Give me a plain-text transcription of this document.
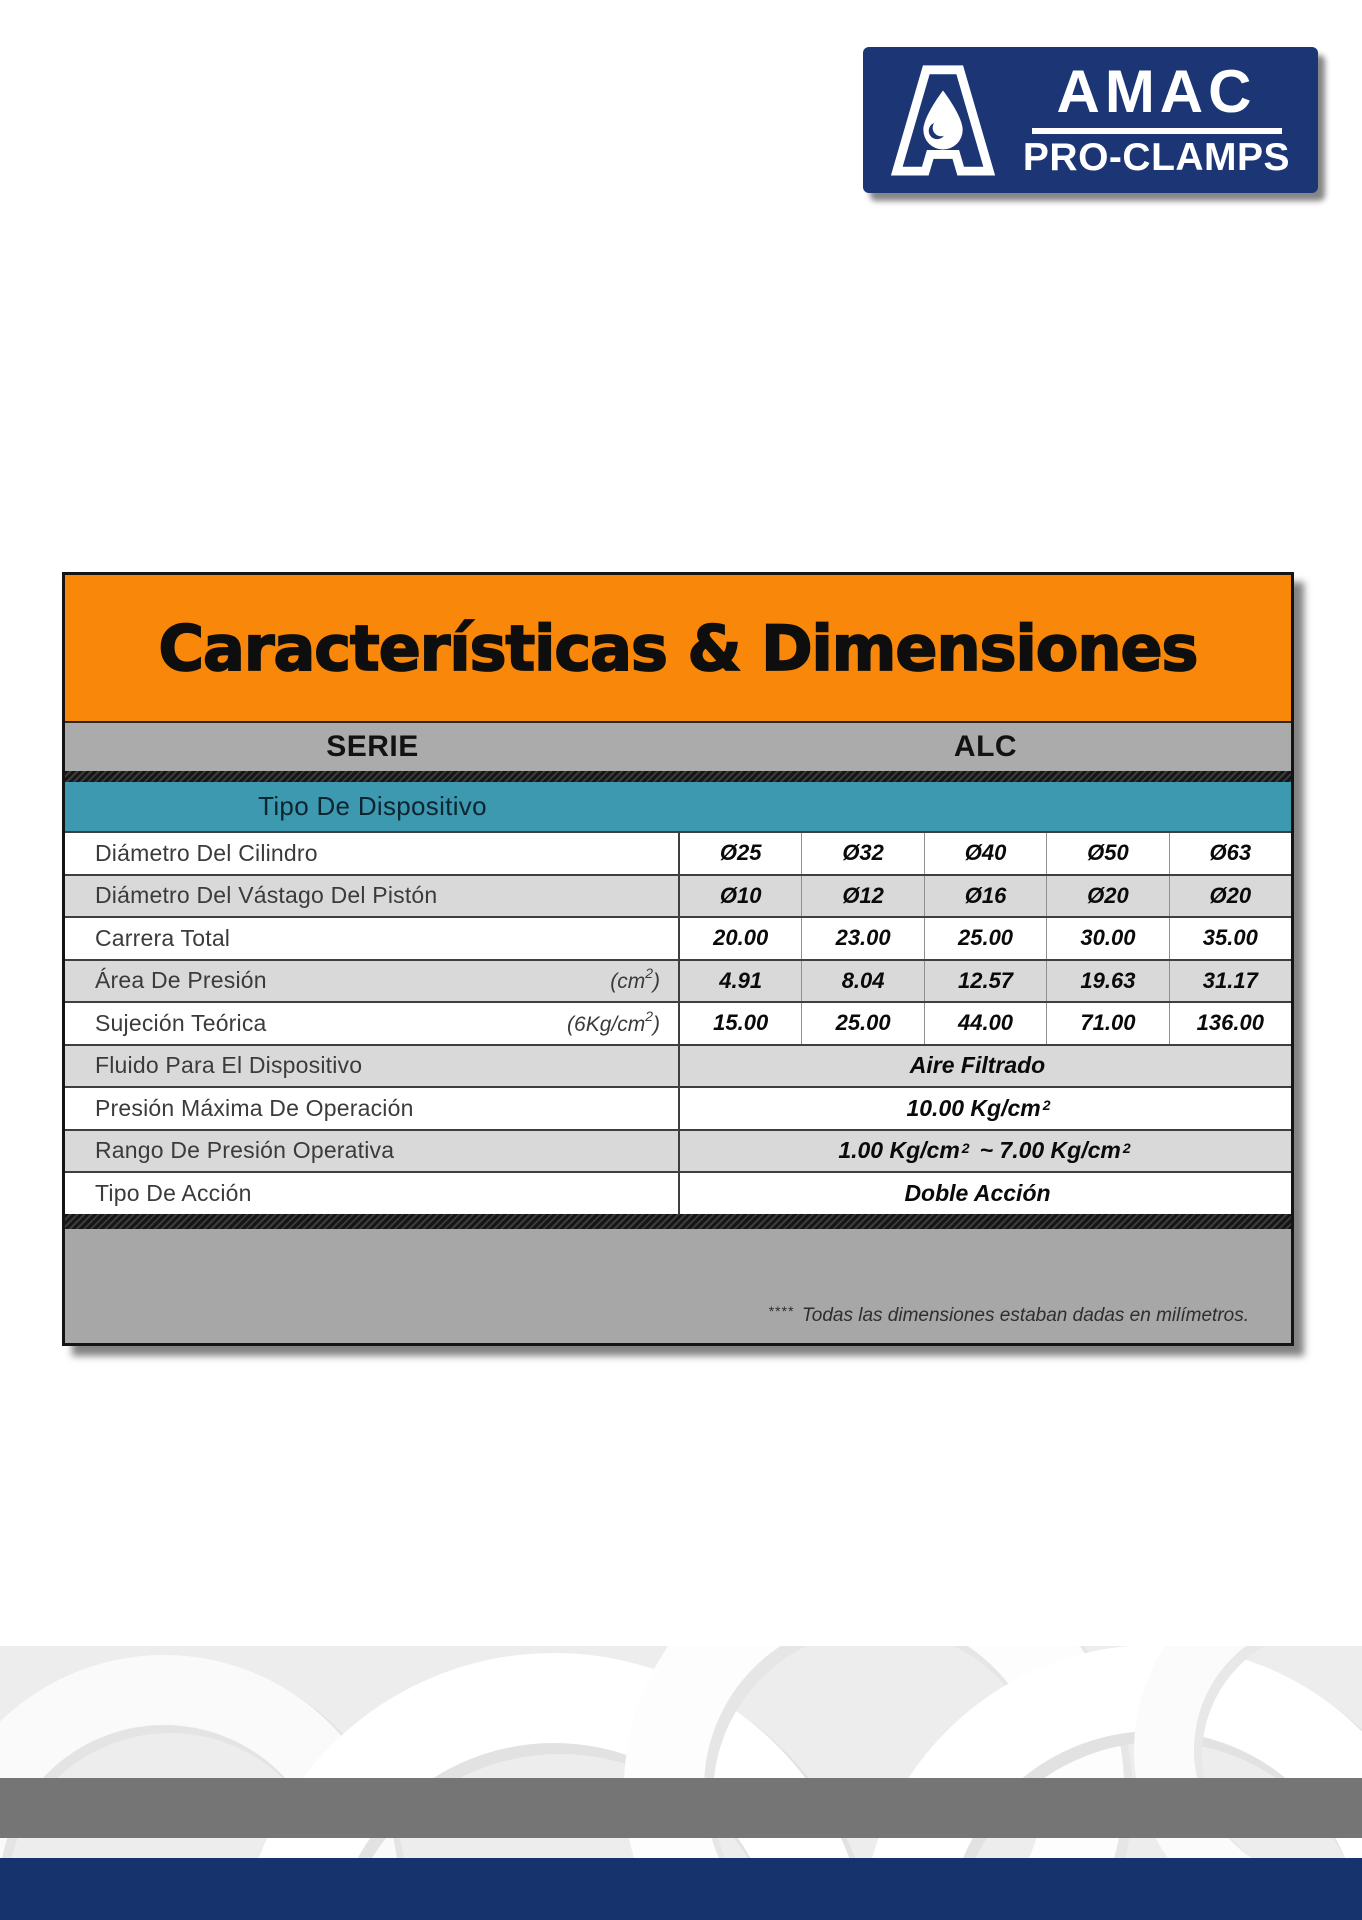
AMAC
PRO-CLAMPS
Características & Dimensiones
SERIE	ALC
Tipo De Dispositivo
Diámetro Del Cilindro	Ø25	Ø32	Ø40	Ø50	Ø63
Diámetro Del Vástago Del Pistón	Ø10	Ø12	Ø16	Ø20	Ø20
Carrera Total	20.00	23.00	25.00	30.00	35.00
Área De Presión	$(cm^2)$	4.91	8.04	12.57	19.63	31.17
Sujeción Teórica	$(6Kg/cm^2)$	15.00	25.00	44.00	71.00	136.00
Fluido Para El Dispositivo	Aire Filtrado
Presión Máxima De Operación	10.00 $Kg/cm^2$
Rango De Presión Operativa	1.00 $Kg/cm^2$ ~ 7.00 $Kg/cm^2$
Tipo De Acción	Doble Acción
**** Todas las dimensiones estaban dadas en milímetros.
